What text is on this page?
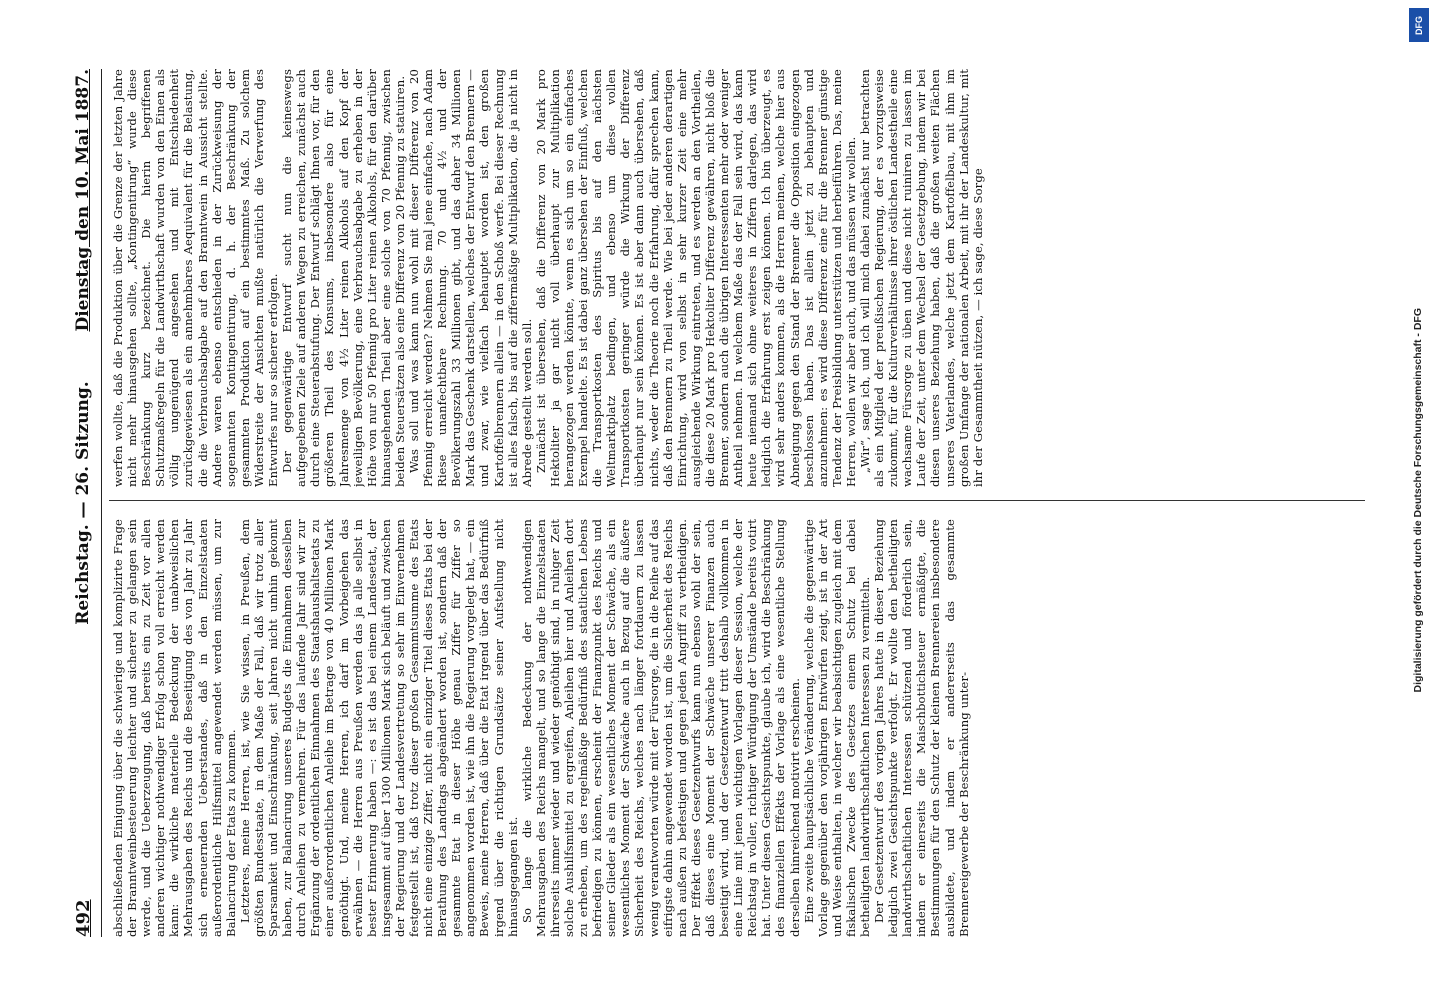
492
Reichstag. — 26. Sitzung.
Dienstag den 10. Mai 1887.

abschließenden Einigung über die schwierige und komplizirte Frage der Branntweinbesteuerung leichter und sicherer zu gelangen sein werde, und die Ueberzeugung, daß bereits ein zu Zeit vor allen anderen wichtiger nothwendiger Erfolg schon voll erreicht werden kann: die wirkliche materielle Bedeckung der unabweislichen Mehrausgaben des Reichs und die Beseitigung des von Jahr zu Jahr sich erneuernden Ueberstandes, daß in den Einzelstaaten außerordentliche Hilfsmittel angewendet werden müssen, um zur Balancirung der Etats zu kommen. Letzteres, meine Herren, ist, wie Sie wissen, in Preußen, dem größten Bundesstaate, in dem Maße der Fall, daß wir trotz aller Sparsamkeit und Einschränkung, seit Jahren nicht umhin gekonnt haben, zur Balancirung unseres Budgets die Einnahmen desselben durch Anleihen zu vermehren. Für das laufende Jahr sind wir zur Ergänzung der ordentlichen Einnahmen des Staatshaushaltsetats zu einer außerordentlichen Anleihe im Betrage von 40 Millionen Mark genöthigt. Und, meine Herren, ich darf im Vorbeigehen das erwähnen — die Herren aus Preußen werden das ja alle selbst in bester Erinnerung haben —: es ist das bei einem Landesetat, der insgesammt auf über 1300 Millionen Mark sich beläuft und zwischen der Regierung und der Landesvertretung so sehr im Einvernehmen festgestellt ist, daß trotz dieser großen Gesammtsumme des Etats nicht eine einzige Ziffer, nicht ein einziger Titel dieses Etats bei der Berathung des Landtags abgeändert worden ist, sondern daß der gesammte Etat in dieser Höhe genau Ziffer für Ziffer so angenommen worden ist, wie ihn die Regierung vorgelegt hat, — ein Beweis, meine Herren, daß über die Etat irgend über das Bedürfniß irgend über die richtigen Grundsätze seiner Aufstellung nicht hinausgegangen ist. So lange die wirkliche Bedeckung der nothwendigen Mehrausgaben des Reichs mangelt, und so lange die Einzelstaaten ihrerseits immer wieder und wieder genöthigt sind, in ruhiger Zeit solche Aushilfsmittel zu ergreifen, Anleihen hier und Anleihen dort zu erheben, um des regelmäßige Bedürfniß des staatlichen Lebens befriedigen zu können, erscheint der Finanzpunkt des Reichs und seiner Glieder als ein wesentliches Moment der Schwäche, als ein wesentliches Moment der Schwäche auch in Bezug auf die äußere Sicherheit des Reichs, welches nach länger fortdauern zu lassen wenig verantworten würde mit der Fürsorge, die in die Reihe auf das eifrigste dahin angewendet worden ist, um die Sicherheit des Reichs nach außen zu befestigen und gegen jeden Angriff zu vertheidigen. Der Effekt dieses Gesetzentwurfs kann nun ebenso wohl der sein, daß dieses eine Moment der Schwäche unserer Finanzen auch beseitigt wird, und der Gesetzentwurf tritt deshalb vollkommen in eine Linie mit jenen wichtigen Vorlagen dieser Session, welche der Reichstag in voller, richtiger Würdigung der Umstände bereits votirt hat. Unter diesen Gesichtspunkte, glaube ich, wird die Beschränkung des finanziellen Effekts der Vorlage als eine wesentliche Stellung derselben hinreichend motivirt erscheinen. Eine zweite hauptsächliche Veränderung, welche die gegenwärtige Vorlage gegenüber den vorjährigen Entwürfen zeigt, ist in der Art und Weise enthalten, in welcher wir beabsichtigen zugleich mit dem fiskalischen Zwecke des Gesetzes einem Schutz bei dabei betheiligten landwirthschaftlichen Interessen zu vermitteln. Der Gesetzentwurf des vorigen Jahres hatte in dieser Beziehung lediglich zwei Gesichtspunkte verfolgt. Er wollte den betheiligten landwirthschaftlichen Interessen schützend und förderlich sein, indem er einerseits die Maischbottichsteuer ermäßigte, die Bestimmungen für den Schutz der kleinen Brennereien insbesondere ausbildete, und indem er andererseits das gesammte Brennereigewerbe der Beschränkung unter-

werfen wollte, daß die Produktion über die Grenze der letzten Jahre nicht mehr hinausgehen sollte, „Kontingentirung“ wurde diese Beschränkung kurz bezeichnet. Die hierin begriffenen Schutzmaßregeln für die Landwirthschaft wurden von den Einen als völlig ungenügend angesehen und mit Entschiedenheit zurückgewiesen als ein annehmbares Aequivalent für die Belastung, die die Verbrauchsabgabe auf den Branntwein in Aussicht stellte. Andere waren ebenso entschieden in der Zurückweisung der sogenannten Kontingentirung, d. h. der Beschränkung der gesammten Produktion auf ein bestimmtes Maß. Zu solchem Widerstreite der Ansichten mußte natürlich die Verwerfung des Entwurfes nur so sicherer erfolgen. Der gegenwärtige Entwurf sucht nun die keineswegs aufgegebenen Ziele auf anderen Wegen zu erreichen, zunächst auch durch eine Steuerabstufung. Der Entwurf schlägt Ihnen vor, für den größeren Theil des Konsums, insbesondere also für eine Jahresmenge von 4½ Liter reinen Alkohols auf den Kopf der jeweiligen Bevölkerung, eine Verbrauchsabgabe zu erheben in der Höhe von nur 50 Pfennig pro Liter reinen Alkohols, für den darüber hinausgehenden Theil aber eine solche von 70 Pfennig, zwischen beiden Steuersätzen also eine Differenz von 20 Pfennig zu statuiren. Was soll und was kann nun wohl mit dieser Differenz von 20 Pfennig erreicht werden? Nehmen Sie mal jene einfache, nach Adam Riese unanfechtbare Rechnung. 70 und 4½ und der Bevölkerungszahl 33 Millionen gibt, und das daher 34 Millionen Mark das Geschenk darstellen, welches der Entwurf den Brennern — und zwar, wie vielfach behauptet worden ist, den großen Kartoffelbrennern allein — in den Schoß werfe. Bei dieser Rechnung ist alles falsch, bis auf die ziffermäßige Multiplikation, die ja nicht in Abrede gestellt werden soll. Zunächst ist übersehen, daß die Differenz von 20 Mark pro Hektoliter ja gar nicht voll überhaupt zur Multiplikation herangezogen werden könnte, wenn es sich um so ein einfaches Exempel handelte. Es ist dabei ganz übersehen der Einfluß, welchen die Transportkosten des Spiritus bis auf den nächsten Weltmarktplatz bedingen, und ebenso um diese vollen Transportkosten geringer würde die Wirkung der Differenz überhaupt nur sein können. Es ist aber dann auch übersehen, daß nichts, weder die Theorie noch die Erfahrung, dafür sprechen kann, daß den Brennern zu Theil werde. Wie bei jeder anderen derartigen Einrichtung, wird von selbst in sehr kurzer Zeit eine mehr ausgleichende Wirkung eintreten, und es werden an den Vortheilen, die diese 20 Mark pro Hektoliter Differenz gewähren, nicht bloß die Brenner, sondern auch die übrigen Interessenten mehr oder weniger Antheil nehmen. In welchem Maße das der Fall sein wird, das kann heute niemand sich ohne weiteres in Ziffern darlegen, das wird lediglich die Erfahrung erst zeigen können. Ich bin überzeugt, es wird sehr anders kommen, als die Herren meinen, welche hier aus Abneigung gegen den Stand der Brenner die Opposition eingezogen beschlossen haben. Das ist allein jetzt zu behaupten und anzunehmen: es wird diese Differenz eine für die Brenner günstige Tendenz der Preisbildung unterstützen und herbeiführen. Das, meine Herren, wollen wir aber auch, und das müssen wir wollen. „Wir“, sage ich, und ich will mich dabei zunächst nur betrachten als ein Mitglied der preußischen Regierung, der es vorzugsweise zukommt, für die Kulturverhältnisse ihrer östlichen Landestheile eine wachsame Fürsorge zu üben und diese nicht ruiniren zu lassen im Laufe der Zeit, unter dem Wechsel der Gesetzgebung, indem wir bei diesen unseres Beziehung haben, daß die großen weiten Flächen unseres Vaterlandes, welche jetzt dem Kartoffelbau, mit ihm im großen Umfange der nationalen Arbeit, mit ihr der Landeskultur, mit ihr der Gesammtheit nützen, — ich sage, diese Sorge

DFG
Digitalisierung gefördert durch die Deutsche Forschungsgemeinschaft - DFG
